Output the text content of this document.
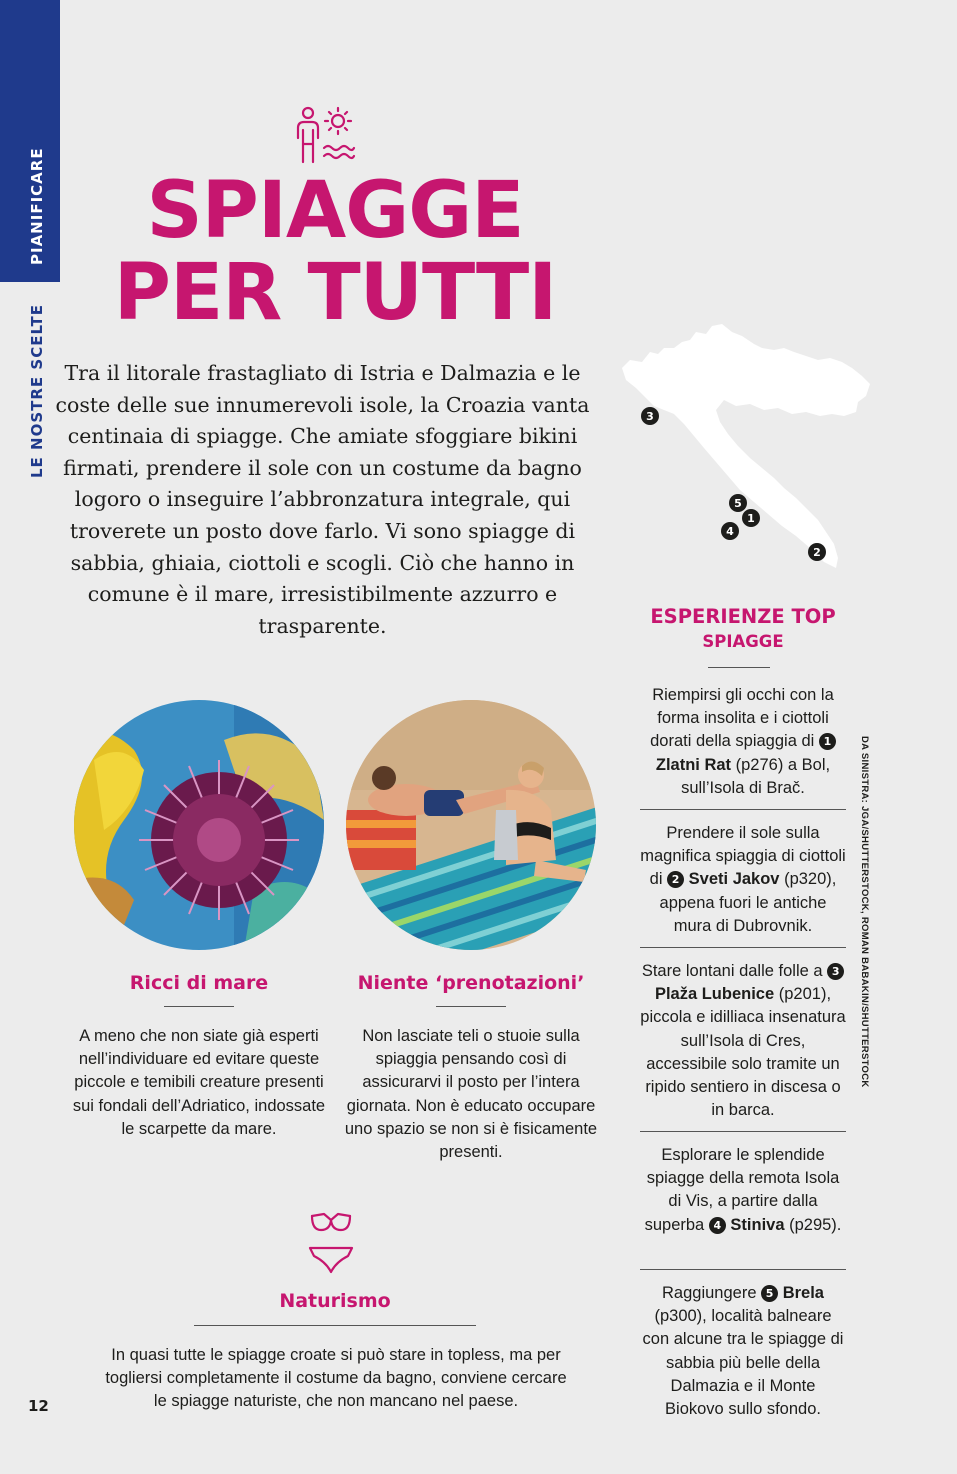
PIANIFICARE
LE NOSTRE SCELTE
SPIAGGE
PER TUTTI

Tra il litorale frastagliato di Istria e Dalmazia e le coste delle sue innumerevoli isole, la Croazia vanta centinaia di spiagge. Che amiate sfoggiare bikini firmati, prendere il sole con un costume da bagno logoro o inseguire l’abbronzatura integrale, qui troverete un posto dove farlo. Vi sono spiagge di sabbia, ghiaia, ciottoli e scogli. Ciò che hanno in comune è il mare, irresistibilmente azzurro e trasparente.

3
5
1
4
2
Ricci di mare

A meno che non siate già esperti nell’individuare ed evitare queste piccole e temibili creature presenti sui fondali dell’Adriatico, indossate le scarpette da mare.

Niente ‘prenotazioni’

Non lasciate teli o stuoie sulla spiaggia pensando così di assicurarvi il posto per l’intera giornata. Non è educato occupare uno spazio se non si è fisicamente presenti.

Naturismo

In quasi tutte le spiagge croate si può stare in topless, ma per togliersi completamente il costume da bagno, conviene cercare le spiagge naturiste, che non mancano nel paese.

ESPERIENZE TOP
SPIAGGE

Riempirsi gli occhi con la forma insolita e i ciottoli dorati della spiaggia di 1 Zlatni Rat (p276) a Bol, sull’Isola di Brač.

Prendere il sole sulla magnifica spiaggia di ciottoli di 2 Sveti Jakov (p320), appena fuori le antiche mura di Dubrovnik.

Stare lontani dalle folle a 3 Plaža Lubenice (p201), piccola e idilliaca insenatura sull’Isola di Cres, accessibile solo tramite un ripido sentiero in discesa o in barca.

Esplorare le splendide spiagge della remota Isola di Vis, a partire dalla superba 4 Stiniva (p295).

Raggiungere 5 Brela (p300), località balneare con alcune tra le spiagge di sabbia più belle della Dalmazia e il Monte Biokovo sullo sfondo.

DA SINISTRA: JGA/SHUTTERSTOCK, ROMAN BABAKIN/SHUTTERSTOCK
12
